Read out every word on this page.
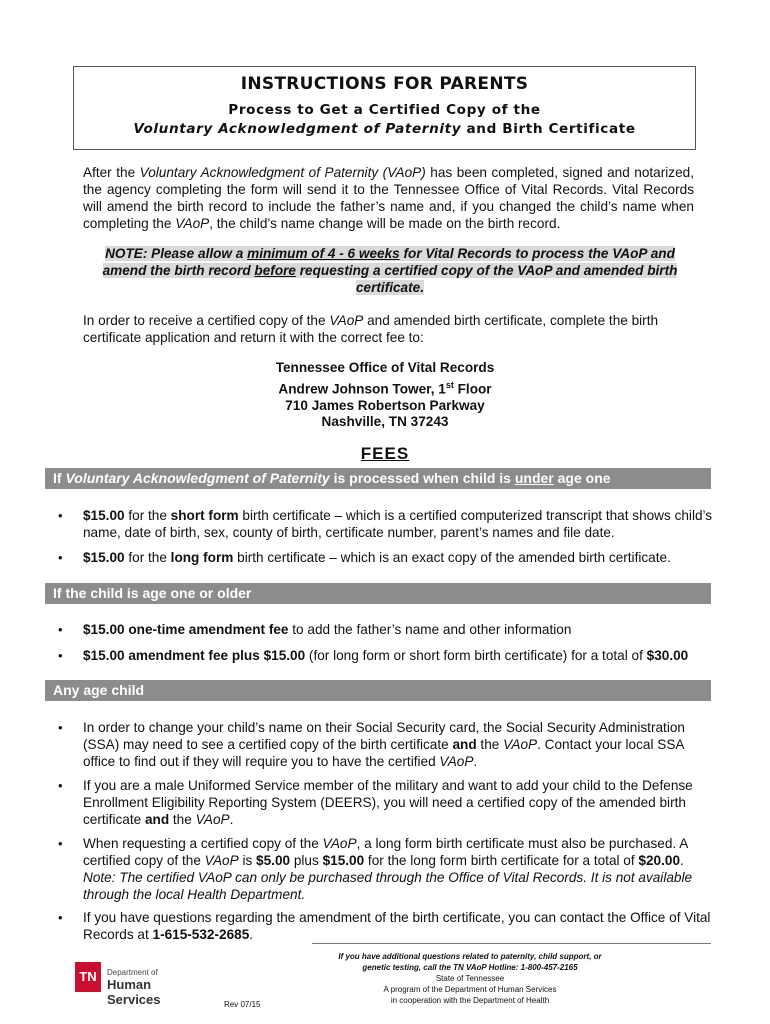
INSTRUCTIONS FOR PARENTS
Process to Get a Certified Copy of the
Voluntary Acknowledgment of Paternity and Birth Certificate
After the Voluntary Acknowledgment of Paternity (VAoP) has been completed, signed and notarized, the agency completing the form will send it to the Tennessee Office of Vital Records. Vital Records will amend the birth record to include the father’s name and, if you changed the child’s name when completing the VAoP, the child’s name change will be made on the birth record.
NOTE: Please allow a minimum of 4 - 6 weeks for Vital Records to process the VAoP and amend the birth record before requesting a certified copy of the VAoP and amended birth certificate.
In order to receive a certified copy of the VAoP and amended birth certificate, complete the birth certificate application and return it with the correct fee to:
Tennessee Office of Vital Records
Andrew Johnson Tower, 1st Floor
710 James Robertson Parkway
Nashville, TN 37243
FEES
If Voluntary Acknowledgment of Paternity is processed when child is under age one
• $15.00 for the short form birth certificate – which is a certified computerized transcript that shows child’s name, date of birth, sex, county of birth, certificate number, parent’s names and file date.
• $15.00 for the long form birth certificate – which is an exact copy of the amended birth certificate.
If the child is age one or older
• $15.00 one-time amendment fee to add the father’s name and other information
• $15.00 amendment fee plus $15.00 (for long form or short form birth certificate) for a total of $30.00
Any age child
• In order to change your child’s name on their Social Security card, the Social Security Administration (SSA) may need to see a certified copy of the birth certificate and the VAoP. Contact your local SSA office to find out if they will require you to have the certified VAoP.
• If you are a male Uniformed Service member of the military and want to add your child to the Defense Enrollment Eligibility Reporting System (DEERS), you will need a certified copy of the amended birth certificate and the VAoP.
• When requesting a certified copy of the VAoP, a long form birth certificate must also be purchased. A certified copy of the VAoP is $5.00 plus $15.00 for the long form birth certificate for a total of $20.00. Note: The certified VAoP can only be purchased through the Office of Vital Records. It is not available through the local Health Department.
• If you have questions regarding the amendment of the birth certificate, you can contact the Office of Vital Records at 1-615-532-2685.
If you have additional questions related to paternity, child support, or
genetic testing, call the TN VAoP Hotline: 1-800-457-2165
State of Tennessee
A program of the Department of Human Services
in cooperation with the Department of Health
TN	Department of
Human Services	Rev 07/15
